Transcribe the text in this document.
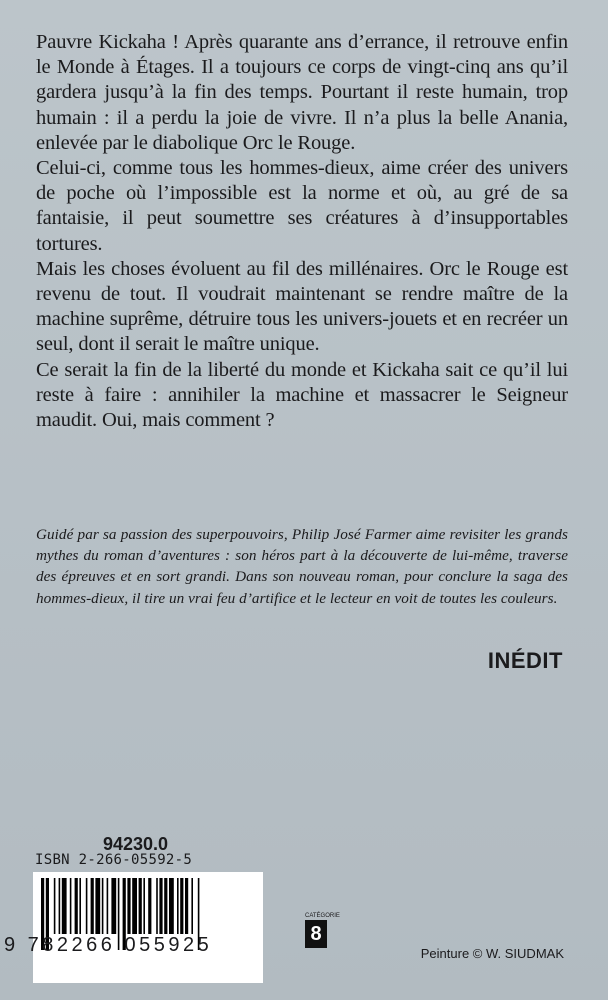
Pauvre Kickaha ! Après quarante ans d’errance, il retrouve enfin le Monde à Étages. Il a toujours ce corps de vingt-cinq ans qu’il gardera jusqu’à la fin des temps. Pourtant il reste humain, trop humain : il a perdu la joie de vivre. Il n’a plus la belle Anania, enlevée par le diabolique Orc le Rouge.

Celui-ci, comme tous les hommes-dieux, aime créer des univers de poche où l’impossible est la norme et où, au gré de sa fantaisie, il peut soumettre ses créatures à d’insupportables tortures.

Mais les choses évoluent au fil des millénaires. Orc le Rouge est revenu de tout. Il voudrait maintenant se rendre maître de la machine suprême, détruire tous les univers-jouets et en recréer un seul, dont il serait le maître unique.

Ce serait la fin de la liberté du monde et Kickaha sait ce qu’il lui reste à faire : annihiler la machine et massacrer le Seigneur maudit. Oui, mais comment ?

Guidé par sa passion des superpouvoirs, Philip José Farmer aime revisiter les grands mythes du roman d’aventures : son héros part à la découverte de lui-même, traverse des épreuves et en sort grandi. Dans son nouveau roman, pour conclure la saga des hommes-dieux, il tire un vrai feu d’artifice et le lecteur en voit de toutes les couleurs.
INÉDIT
94230.0
ISBN 2-266-05592-5
9 782266 055925
CATÉGORIE
8
Peinture © W. SIUDMAK
